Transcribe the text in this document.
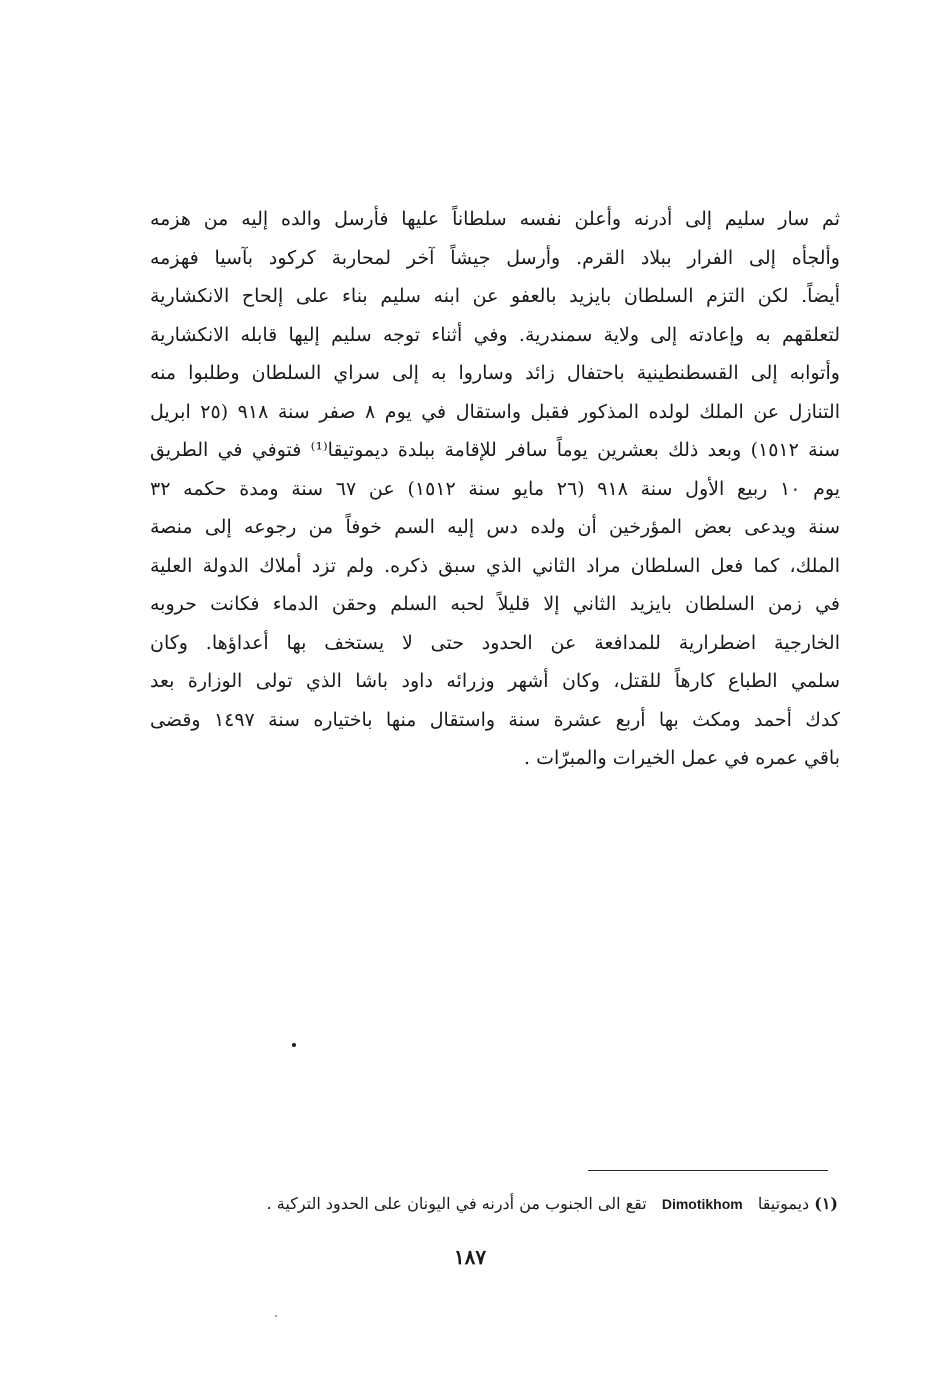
ثم سار سليم إلى أدرنه وأعلن نفسه سلطاناً عليها فأرسل والده إليه من هزمه
وألجأه إلى الفرار ببلاد القرم. وأرسل جيشاً آخر لمحاربة كركود بآسيا فهزمه
أيضاً. لكن التزم السلطان بايزيد بالعفو عن ابنه سليم بناء على إلحاح الانكشارية
لتعلقهم به وإعادته إلى ولاية سمندرية. وفي أثناء توجه سليم إليها قابله الانكشارية
وأتوابه إلى القسطنطينية باحتفال زائد وساروا به إلى سراي السلطان وطلبوا منه
التنازل عن الملك لولده المذكور فقبل واستقال في يوم ٨ صفر سنة ٩١٨ (٢٥ ابريل
سنة ١٥١٢) وبعد ذلك بعشرين يوماً سافر للإقامة ببلدة ديموتيقا⁽¹⁾ فتوفي في الطريق
يوم ١٠ ربيع الأول سنة ٩١٨ (٢٦ مايو سنة ١٥١٢) عن ٦٧ سنة ومدة حكمه ٣٢
سنة ويدعى بعض المؤرخين أن ولده دس إليه السم خوفاً من رجوعه إلى منصة
الملك، كما فعل السلطان مراد الثاني الذي سبق ذكره. ولم تزد أملاك الدولة العلية
في زمن السلطان بايزيد الثاني إلا قليلاً لحبه السلم وحقن الدماء فكانت حروبه
الخارجية اضطرارية للمدافعة عن الحدود حتى لا يستخف بها أعداؤها. وكان
سلمي الطباع كارهاً للقتل، وكان أشهر وزرائه داود باشا الذي تولى الوزارة بعد
كدك أحمد ومكث بها أربع عشرة سنة واستقال منها باختياره سنة ١٤٩٧ وقضى
باقي عمره في عمل الخيرات والمبرّات .
(١) ديموتيقا Dimotikhom تقع الى الجنوب من أدرنه في اليونان على الحدود التركية .
١٨٧
